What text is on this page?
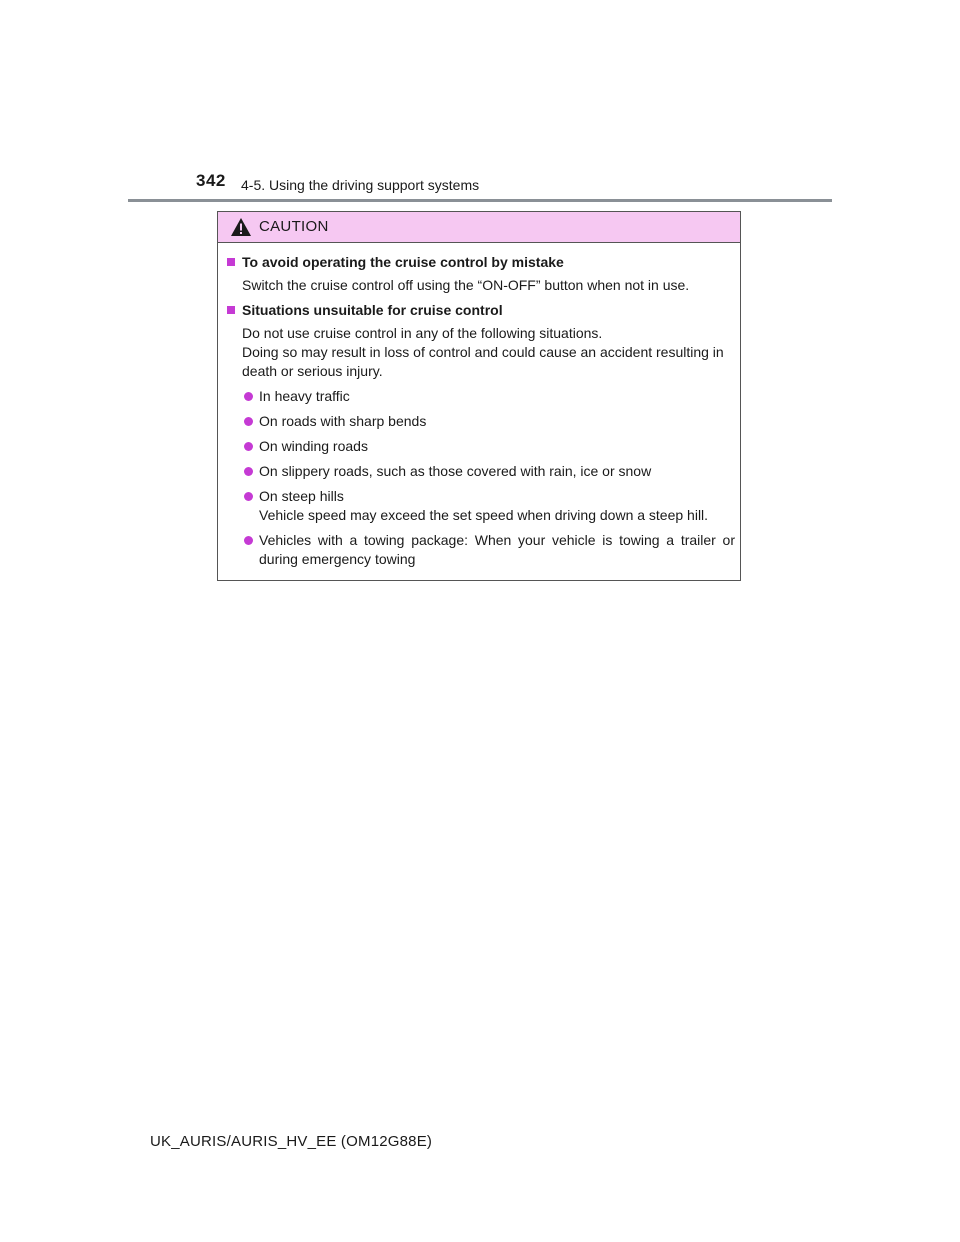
342 4-5. Using the driving support systems
CAUTION
To avoid operating the cruise control by mistake
Switch the cruise control off using the “ON-OFF” button when not in use.
Situations unsuitable for cruise control
Do not use cruise control in any of the following situations.
Doing so may result in loss of control and could cause an accident resulting in death or serious injury.
In heavy traffic
On roads with sharp bends
On winding roads
On slippery roads, such as those covered with rain, ice or snow
On steep hills
Vehicle speed may exceed the set speed when driving down a steep hill.
Vehicles with a towing package: When your vehicle is towing a trailer or during emergency towing
UK_AURIS/AURIS_HV_EE (OM12G88E)
